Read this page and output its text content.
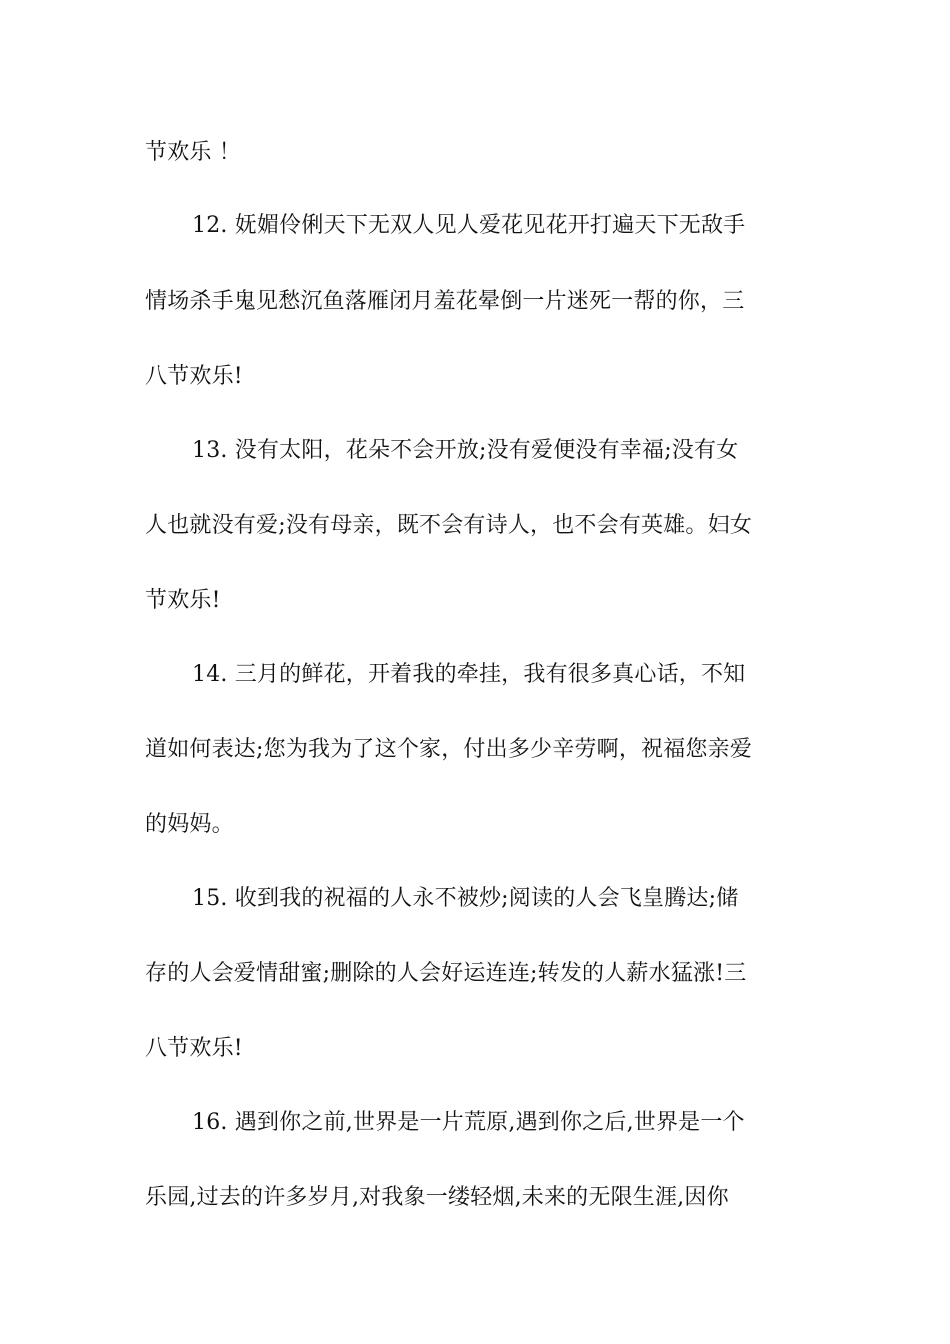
节欢乐 ！
12. 妩媚伶俐天下无双人见人爱花见花开打遍天下无敌手
情场杀手鬼见愁沉鱼落雁闭月羞花晕倒一片迷死一帮的你，三
八节欢乐!
13. 没有太阳，花朵不会开放;没有爱便没有幸福;没有女
人也就没有爱;没有母亲，既不会有诗人，也不会有英雄。妇女
节欢乐!
14. 三月的鲜花，开着我的牵挂，我有很多真心话，不知
道如何表达;您为我为了这个家，付出多少辛劳啊，祝福您亲爱
的妈妈。
15. 收到我的祝福的人永不被炒;阅读的人会飞皇腾达;储
存的人会爱情甜蜜;删除的人会好运连连;转发的人薪水猛涨!三
八节欢乐!
16. 遇到你之前,世界是一片荒原,遇到你之后,世界是一个
乐园,过去的许多岁月,对我象一缕轻烟,未来的无限生涯,因你
